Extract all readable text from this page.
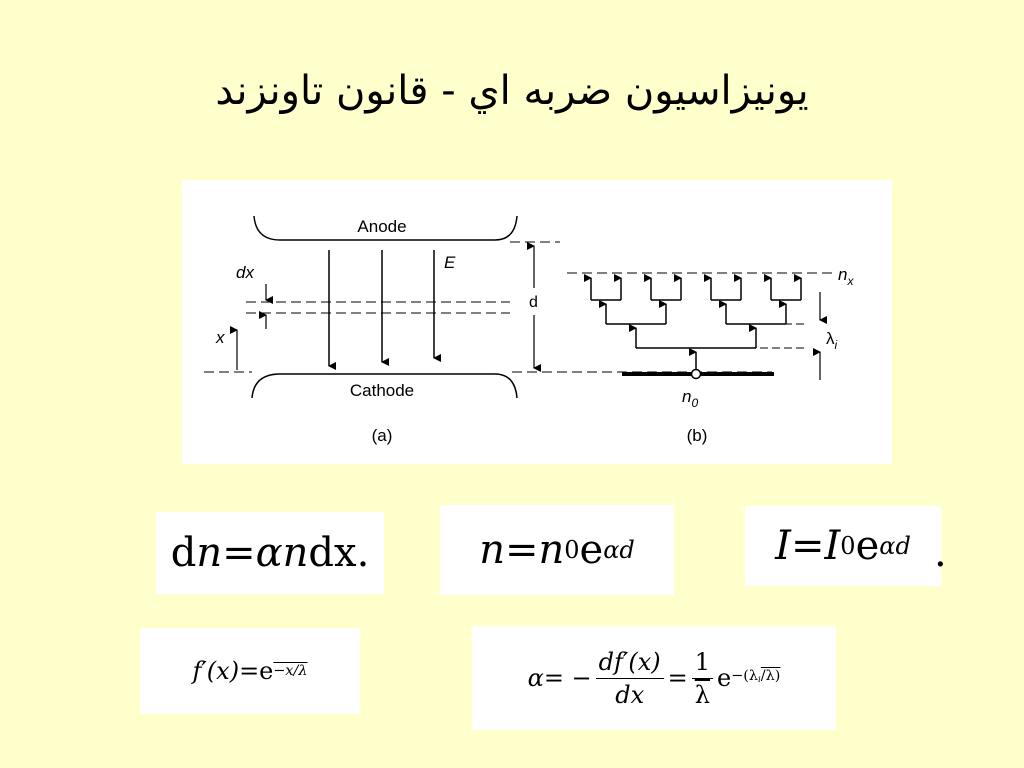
يونيزاسيون ضربه اي - قانون تاونزند
Anode
Cathode
E
dx
x
d
$n_x$
$n_0$
$\lambda_i$
(a)	(b)
d n = α n dx .	n = n 0 e αd	I = I 0 e αd .
f′(x) = e −x/λ	α = − $\frac{df'(x)}{dx} = \frac{1}{\lambda}$ $e -(\lambda_i/\lambda)$
